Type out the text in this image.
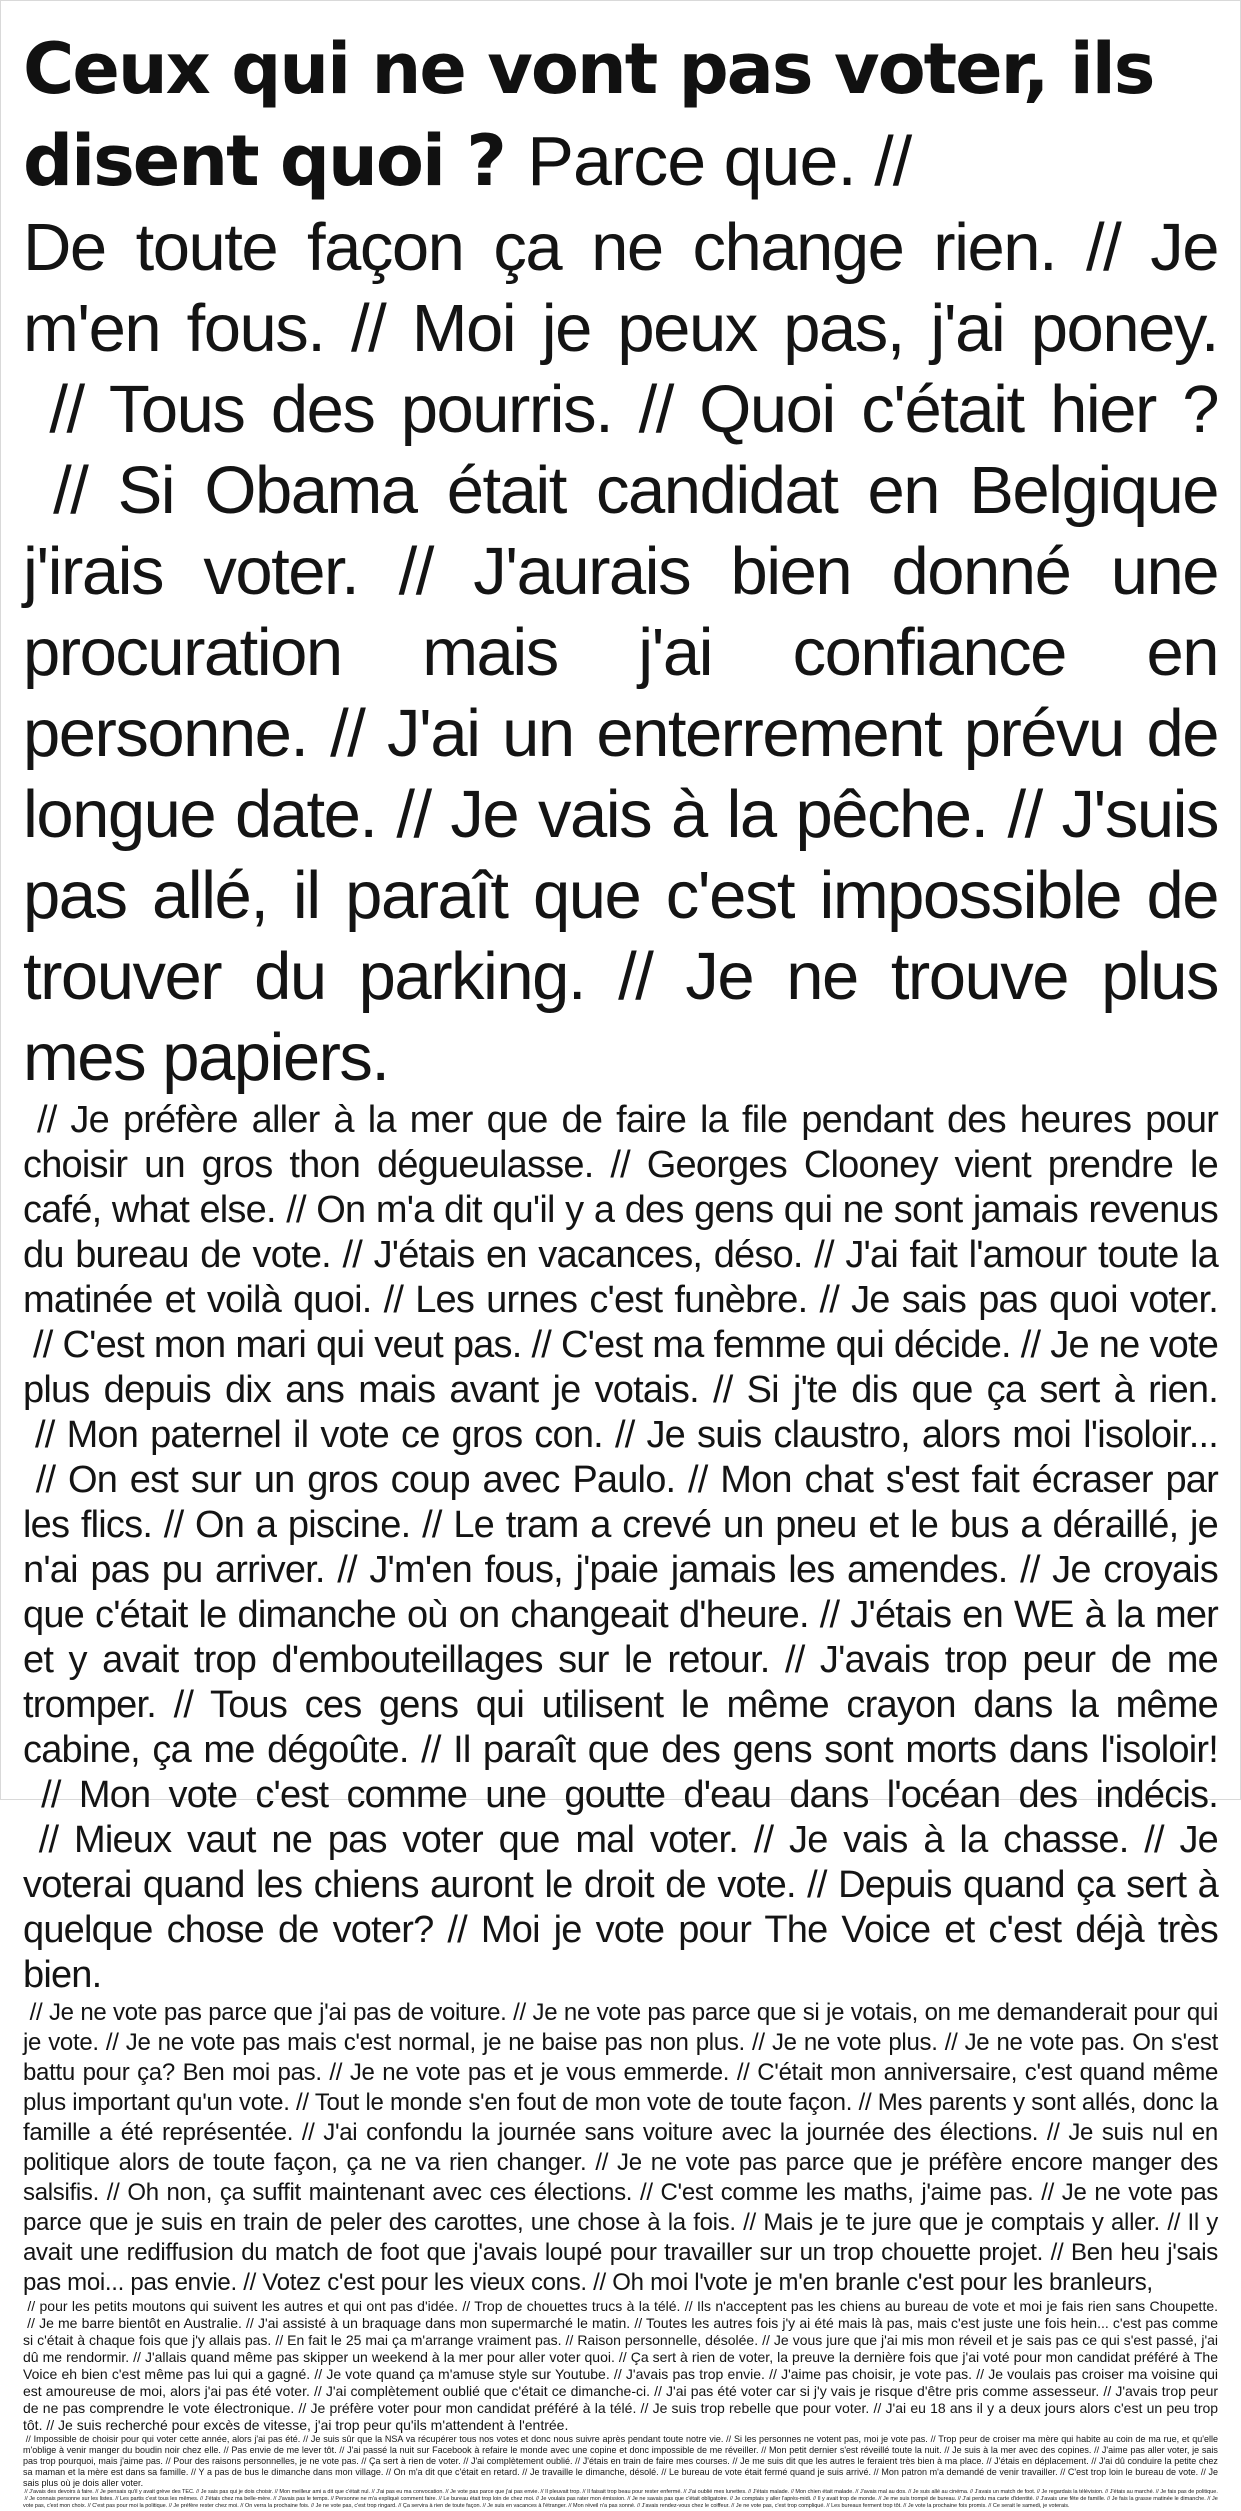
Ceux qui ne vont pas voter, ils disent quoi ? Parce que. //

De toute façon ça ne change rien. // Je m'en fous. // Moi je peux pas, j'ai poney. // Tous des pourris. // Quoi c'était hier ? // Si Obama était candidat en Belgique j'irais voter. // J'aurais bien donné une procuration mais j'ai confiance en personne. // J'ai un enterrement prévu de longue date. // Je vais à la pêche. // J'suis pas allé, il paraît que c'est impossible de trouver du parking. // Je ne trouve plus mes papiers.

// Je préfère aller à la mer que de faire la file pendant des heures pour choisir un gros thon dégueulasse. // Georges Clooney vient prendre le café, what else. // On m'a dit qu'il y a des gens qui ne sont jamais revenus du bureau de vote. // J'étais en vacances, déso. // J'ai fait l'amour toute la matinée et voilà quoi. // Les urnes c'est funèbre. // Je sais pas quoi voter. // C'est mon mari qui veut pas. // C'est ma femme qui décide. // Je ne vote plus depuis dix ans mais avant je votais. // Si j'te dis que ça sert à rien. // Mon paternel il vote ce gros con. // Je suis claustro, alors moi l'isoloir... // On est sur un gros coup avec Paulo. // Mon chat s'est fait écraser par les flics. // On a piscine. // Le tram a crevé un pneu et le bus a déraillé, je n'ai pas pu arriver. // J'm'en fous, j'paie jamais les amendes. // Je croyais que c'était le dimanche où on changeait d'heure. // J'étais en WE à la mer et y avait trop d'embouteillages sur le retour. // J'avais trop peur de me tromper. // Tous ces gens qui utilisent le même crayon dans la même cabine, ça me dégoûte. // Il paraît que des gens sont morts dans l'isoloir! // Mon vote c'est comme une goutte d'eau dans l'océan des indécis. // Mieux vaut ne pas voter que mal voter. // Je vais à la chasse. // Je voterai quand les chiens auront le droit de vote. // Depuis quand ça sert à quelque chose de voter? // Moi je vote pour The Voice et c'est déjà très bien.

// Je ne vote pas parce que j'ai pas de voiture. // Je ne vote pas parce que si je votais, on me demanderait pour qui je vote. // Je ne vote pas mais c'est normal, je ne baise pas non plus. // Je ne vote plus. // Je ne vote pas. On s'est battu pour ça? Ben moi pas. // Je ne vote pas et je vous emmerde. // C'était mon anniversaire, c'est quand même plus important qu'un vote. // Tout le monde s'en fout de mon vote de toute façon. // Mes parents y sont allés, donc la famille a été représentée. // J'ai confondu la journée sans voiture avec la journée des élections. // Je suis nul en politique alors de toute façon, ça ne va rien changer. // Je ne vote pas parce que je préfère encore manger des salsifis. // Oh non, ça suffit maintenant avec ces élections. // C'est comme les maths, j'aime pas. // Je ne vote pas parce que je suis en train de peler des carottes, une chose à la fois. // Mais je te jure que je comptais y aller. // Il y avait une rediffusion du match de foot que j'avais loupé pour travailler sur un trop chouette projet. // Ben heu j'sais pas moi... pas envie. // Votez c'est pour les vieux cons. // Oh moi l'vote je m'en branle c'est pour les branleurs,

// pour les petits moutons qui suivent les autres et qui ont pas d'idée. // Trop de chouettes trucs à la télé. // Ils n'acceptent pas les chiens au bureau de vote et moi je fais rien sans Choupette. // Je me barre bientôt en Australie. // J'ai assisté à un braquage dans mon supermarché le matin. // Toutes les autres fois j'y ai été mais là pas, mais c'est juste une fois hein... c'est pas comme si c'était à chaque fois que j'y allais pas. // En fait le 25 mai ça m'arrange vraiment pas. // Raison personnelle, désolée. // Je vous jure que j'ai mis mon réveil et je sais pas ce qui s'est passé, j'ai dû me rendormir. // J'allais quand même pas skipper un weekend à la mer pour aller voter quoi. // Ça sert à rien de voter, la preuve la dernière fois que j'ai voté pour mon candidat préféré à The Voice eh bien c'est même pas lui qui a gagné. // Je vote quand ça m'amuse style sur Youtube. // J'avais pas trop envie. // J'aime pas choisir, je vote pas. // Je voulais pas croiser ma voisine qui est amoureuse de moi, alors j'ai pas été voter. // J'ai complètement oublié que c'était ce dimanche-ci. // J'ai pas été voter car si j'y vais je risque d'être pris comme assesseur. // J'avais trop peur de ne pas comprendre le vote électronique. // Je préfère voter pour mon candidat préféré à la télé. // Je suis trop rebelle que pour voter. // J'ai eu 18 ans il y a deux jours alors c'est un peu trop tôt. // Je suis recherché pour excès de vitesse, j'ai trop peur qu'ils m'attendent à l'entrée.

// Impossible de choisir pour qui voter cette année, alors j'ai pas été. // Je suis sûr que la NSA va récupérer tous nos votes et donc nous suivre après pendant toute notre vie. // Si les personnes ne votent pas, moi je vote pas. // Trop peur de croiser ma mère qui habite au coin de ma rue, et qu'elle m'oblige à venir manger du boudin noir chez elle. // Pas envie de me lever tôt. // J'ai passé la nuit sur Facebook à refaire le monde avec une copine et donc impossible de me réveiller. // Mon petit dernier s'est réveillé toute la nuit. // Je suis à la mer avec des copines. // J'aime pas aller voter, je sais pas trop pourquoi, mais j'aime pas. // Pour des raisons personnelles, je ne vote pas. // Ça sert à rien de voter. // J'ai complètement oublié. // J'étais en train de faire mes courses. // Je me suis dit que les autres le feraient très bien à ma place. // J'étais en déplacement. // J'ai dû conduire la petite chez sa maman et la mère est dans sa famille. // Y a pas de bus le dimanche dans mon village. // On m'a dit que c'était en retard. // Je travaille le dimanche, désolé. // Le bureau de vote était fermé quand je suis arrivé. // Mon patron m'a demandé de venir travailler. // C'est trop loin le bureau de vote. // Je sais plus où je dois aller voter.

// J'avais des devoirs à faire. // Je pensais qu'il y avait grève des TEC. // Je sais pas qui je dois choisir. // Mon meilleur ami a dit que c'était nul. // J'ai pas eu ma convocation. // Je vote pas parce que j'ai pas envie. // Il pleuvait trop. // Il faisait trop beau pour rester enfermé. // J'ai oublié mes lunettes. // J'étais malade. // Mon chien était malade. // J'avais mal au dos. // Je suis allé au cinéma. // J'avais un match de foot. // Je regardais la télévision. // J'étais au marché. // Je fais pas de politique. // Je connais personne sur les listes. // Les partis c'est tous les mêmes. // J'étais chez ma belle-mère. // J'avais pas le temps. // Personne ne m'a expliqué comment faire. // Le bureau était trop loin de chez moi. // Je voulais pas rater mon émission. // Je ne savais pas que c'était obligatoire. // Je comptais y aller l'après-midi. // Il y avait trop de monde. // Je me suis trompé de bureau. // J'ai perdu ma carte d'identité. // J'avais une fête de famille. // Je fais la grasse matinée le dimanche. // Je vote pas, c'est mon choix. // C'est pas pour moi la politique. // Je préfère rester chez moi. // On verra la prochaine fois. // Je ne vote pas, c'est trop ringard. // Ça servira à rien de toute façon. // Je suis en vacances à l'étranger. // Mon réveil n'a pas sonné. // J'avais rendez-vous chez le coiffeur. // Je ne vote pas, c'est trop compliqué. // Les bureaux ferment trop tôt. // Je vote la prochaine fois promis. // Ce serait le samedi, je voterais.
